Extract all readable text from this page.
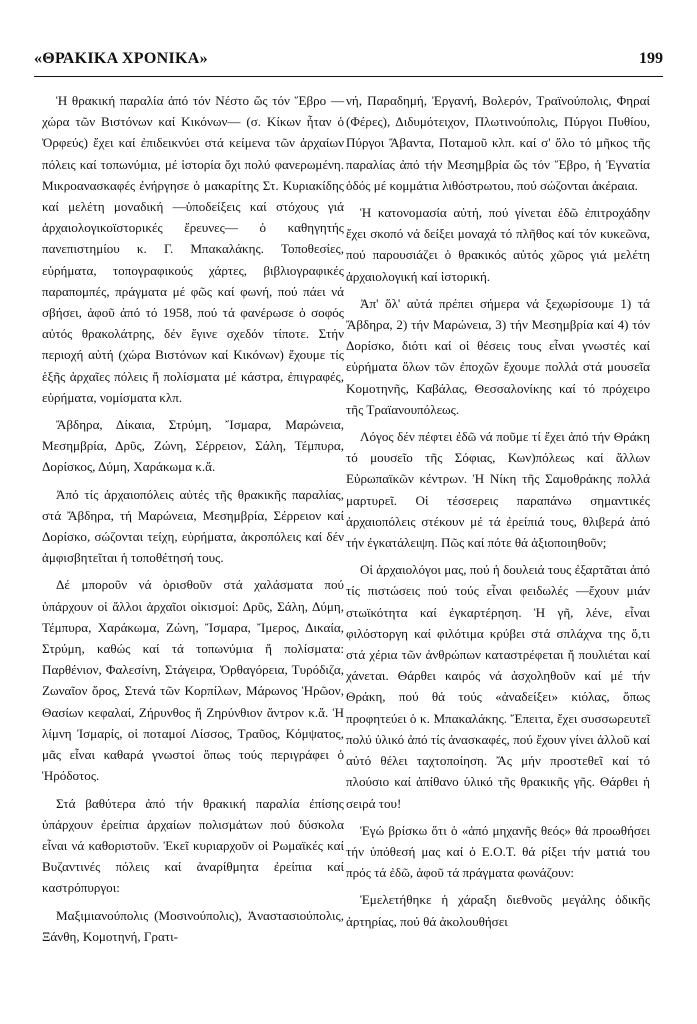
«ΘΡΑΚΙΚΑ ΧΡΟΝΙΚΑ»	199

Ἡ θρακική παραλία ἀπό τόν Νέστο ὥς τόν Ἕβρο —χώρα τῶν Βιστόνων καί Κικόνων— (σ. Κίκων ἦταν ὁ Ὀρφεύς) ἔχει καί ἐπιδεικνύει στά κείμενα τῶν ἀρχαίων πόλεις καί τοπωνύμια, μέ ἱστορία ὄχι πολύ φανερωμένη. Μικροανασκαφές ἐνήργησε ὁ μακαρίτης Στ. Κυριακίδης καί μελέτη μοναδική —ὑποδείξεις καί στόχους γιά ἀρχαιολογικοϊστορικές ἔρευνες— ὁ καθηγητής πανεπιστημίου κ. Γ. Μπακαλάκης. Τοποθεσίες, εὑρήματα, τοπογραφικούς χάρτες, βιβλιογραφικές παραπομπές, πράγματα μέ φῶς καί φωνή, πού πάει νά σβήσει, ἀφοῦ ἀπό τό 1958, πού τά φανέρωσε ὁ σοφός αὐτός θρακολάτρης, δέν ἔγινε σχεδόν τίποτε. Στήν περιοχή αὐτή (χώρα Βιστόνων καί Κικόνων) ἔχουμε τίς ἑξῆς ἀρχαῖες πόλεις ἤ πολίσματα μέ κάστρα, ἐπιγραφές, εὑρήματα, νομίσματα κλπ.

Ἄβδηρα, Δίκαια, Στρύμη, Ἴσμαρα, Μαρώνεια, Μεσημβρία, Δρῦς, Ζώνη, Σέρρειον, Σάλη, Τέμπυρα, Δορίσκος, Δύμη, Χαράκωμα κ.ἄ.

Ἀπό τίς ἀρχαιοπόλεις αὐτές τῆς θρακικῆς παραλίας, στά Ἄβδηρα, τή Μαρώνεια, Μεσημβρία, Σέρρειον καί Δορίσκο, σώζονται τείχη, εὑρήματα, ἀκροπόλεις καί δέν ἀμφισβητεῖται ἡ τοποθέτησή τους.

Δέ μποροῦν νά ὁρισθοῦν στά χαλάσματα πού ὑπάρχουν οἱ ἄλλοι ἀρχαῖοι οἰκισμοί: Δρῦς, Σάλη, Δύμη, Τέμπυρα, Χαράκωμα, Ζώνη, Ἴσμαρα, Ἴμερος, Δικαία, Στρύμη, καθώς καί τά τοπωνύμια ἤ πολίσματα: Παρθένιον, Φαλεσίνη, Στάγειρα, Ὀρθαγόρεια, Τυρόδιζα, Ζωναῖον ὄρος, Στενά τῶν Κορπίλων, Μάρωνος Ἡρῶον, Θασίων κεφαλαί, Ζήρυνθος ἤ Ζηρύνθιον ἄντρον κ.ἄ. Ἡ λίμνη Ἰσμαρίς, οἱ ποταμοί Λίσσος, Τραῦος, Κόμψατος, μᾶς εἶναι καθαρά γνωστοί ὅπως τούς περιγράφει ὁ Ἡρόδοτος.

Στά βαθύτερα ἀπό τήν θρακική παραλία ἐπίσης ὑπάρχουν ἐρείπια ἀρχαίων πολισμάτων πού δύσκολα εἶναι νά καθοριστοῦν. Ἐκεῖ κυριαρχοῦν οἱ Ρωμαϊκές καί Βυζαντινές πόλεις καί ἀναρίθμητα ἐρείπια καί καστρόπυργοι:

Μαξιμιανούπολις (Μοσινούπολις), Ἀναστασιούπολις, Ξάνθη, Κομοτηνή, Γρατι-

νή, Παραδημή, Ἐργανή, Βολερόν, Τραϊνούπολις, Φηραί (Φέρες), Διδυμότειχον, Πλωτινούπολις, Πύργοι Πυθίου, Πύργοι Ἄβαντα, Ποταμοῦ κλπ. καί σ' ὅλο τό μῆκος τῆς παραλίας ἀπό τήν Μεσημβρία ὥς τόν Ἕβρο, ἡ Ἐγνατία ὁδός μέ κομμάτια λιθόστρωτου, πού σώζονται ἀκέραια.

Ἡ κατονομασία αὐτή, πού γίνεται ἐδῶ ἐπιτροχάδην ἔχει σκοπό νά δείξει μοναχά τό πλῆθος καί τόν κυκεῶνα, πού παρουσιάζει ὁ θρακικός αὐτός χῶρος γιά μελέτη ἀρχαιολογική καί ἱστορική.

Ἀπ' ὅλ' αὐτά πρέπει σήμερα νά ξεχωρίσουμε 1) τά Ἄβδηρα, 2) τήν Μαρώνεια, 3) τήν Μεσημβρία καί 4) τόν Δορίσκο, διότι καί οἱ θέσεις τους εἶναι γνωστές καί εὑρήματα ὅλων τῶν ἐποχῶν ἔχουμε πολλά στά μουσεῖα Κομοτηνῆς, Καβάλας, Θεσσαλονίκης καί τό πρόχειρο τῆς Τραϊανουπόλεως.

Λόγος δέν πέφτει ἐδῶ νά ποῦμε τί ἔχει ἀπό τήν Θράκη τό μουσεῖο τῆς Σόφιας, Κων)πόλεως καί ἄλλων Εὐρωπαϊκῶν κέντρων. Ἡ Νίκη τῆς Σαμοθράκης πολλά μαρτυρεῖ. Οἱ τέσσερεις παραπάνω σημαντικές ἀρχαιοπόλεις στέκουν μέ τά ἐρείπιά τους, θλιβερά ἀπό τήν ἐγκατάλειψη. Πῶς καί πότε θά ἀξιοποιηθοῦν;

Οἱ ἀρχαιολόγοι μας, πού ἡ δουλειά τους ἐξαρτᾶται ἀπό τίς πιστώσεις πού τούς εἶναι φειδωλές —ἔχουν μιάν στωϊκότητα καί ἐγκαρτέρηση. Ἡ γῆ, λένε, εἶναι φιλόστοργη καί φιλότιμα κρύβει στά σπλάχνα της ὅ,τι στά χέρια τῶν ἀνθρώπων καταστρέφεται ἤ πουλιέται καί χάνεται. Θάρθει καιρός νά ἀσχοληθοῦν καί μέ τήν Θράκη, πού θά τούς «ἀναδείξει» κιόλας, ὅπως προφητεύει ὁ κ. Μπακαλάκης. Ἔπειτα, ἔχει συσσωρευτεῖ πολύ ὑλικό ἀπό τίς ἀνασκαφές, πού ἔχουν γίνει ἀλλοῦ καί αὐτό θέλει ταχτοποίηση. Ἄς μήν προστεθεῖ καί τό πλούσιο καί ἀπίθανο ὑλικό τῆς θρακικῆς γῆς. Θάρθει ἡ σειρά του!

Ἐγώ βρίσκω ὅτι ὁ «ἀπό μηχανῆς θεός» θά προωθήσει τήν ὑπόθεσή μας καί ὁ Ε.Ο.Τ. θά ρίξει τήν ματιά του πρός τά ἐδῶ, ἀφοῦ τά πράγματα φωνάζουν:

Ἐμελετήθηκε ἡ χάραξη διεθνοῦς μεγάλης ὁδικῆς ἀρτηρίας, πού θά ἀκολουθήσει
